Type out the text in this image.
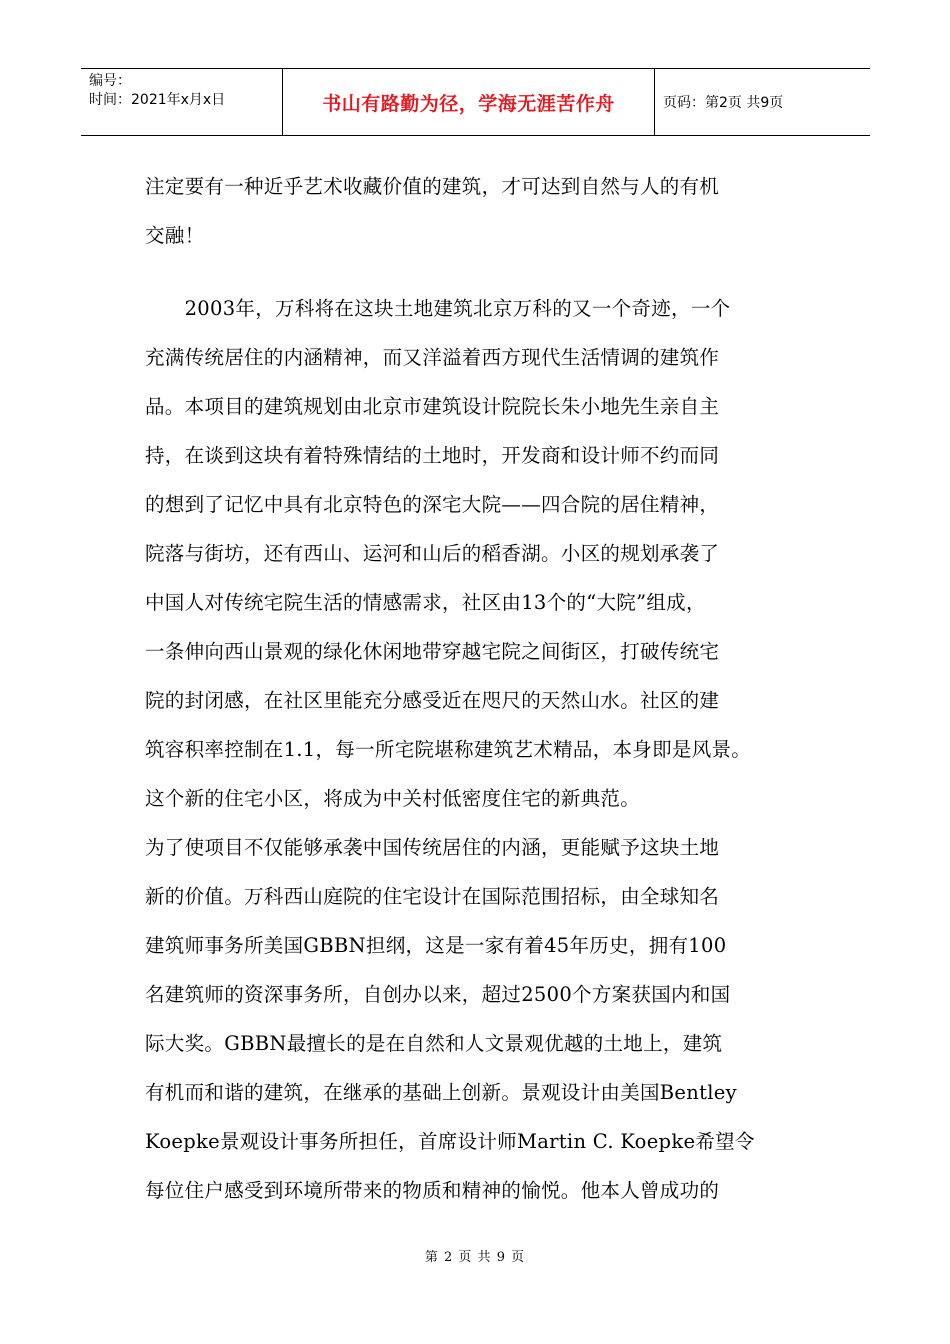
编号：
时间：2021年x月x日	书山有路勤为径，学海无涯苦作舟	页码：第2页 共9页
注定要有一种近乎艺术收藏价值的建筑，才可达到自然与人的有机
交融！
　　2003年，万科将在这块土地建筑北京万科的又一个奇迹，一个
充满传统居住的内涵精神，而又洋溢着西方现代生活情调的建筑作
品。本项目的建筑规划由北京市建筑设计院院长朱小地先生亲自主
持，在谈到这块有着特殊情结的土地时，开发商和设计师不约而同
的想到了记忆中具有北京特色的深宅大院——四合院的居住精神，
院落与街坊，还有西山、运河和山后的稻香湖。小区的规划承袭了
中国人对传统宅院生活的情感需求，社区由13个的“大院”组成，
一条伸向西山景观的绿化休闲地带穿越宅院之间街区，打破传统宅
院的封闭感，在社区里能充分感受近在咫尺的天然山水。社区的建
筑容积率控制在1.1，每一所宅院堪称建筑艺术精品，本身即是风景。
这个新的住宅小区，将成为中关村低密度住宅的新典范。
为了使项目不仅能够承袭中国传统居住的内涵，更能赋予这块土地
新的价值。万科西山庭院的住宅设计在国际范围招标，由全球知名
建筑师事务所美国GBBN担纲，这是一家有着45年历史，拥有100
名建筑师的资深事务所，自创办以来，超过2500个方案获国内和国
际大奖。GBBN最擅长的是在自然和人文景观优越的土地上，建筑
有机而和谐的建筑，在继承的基础上创新。景观设计由美国Bentley
Koepke景观设计事务所担任，首席设计师Martin C. Koepke希望令
每位住户感受到环境所带来的物质和精神的愉悦。他本人曾成功的
第 2 页 共 9 页
